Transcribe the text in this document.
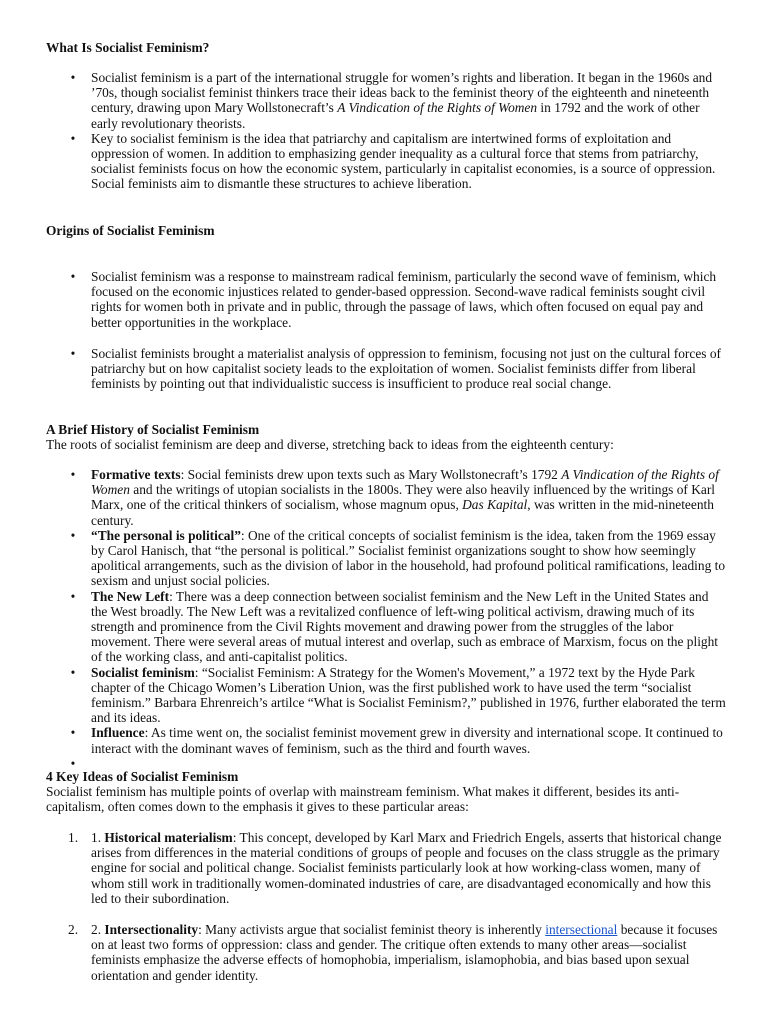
What Is Socialist Feminism?
• Socialist feminism is a part of the international struggle for women’s rights and liberation. It began in the 1960s and ’70s, though socialist feminist thinkers trace their ideas back to the feminist theory of the eighteenth and nineteenth century, drawing upon Mary Wollstonecraft’s A Vindication of the Rights of Women in 1792 and the work of other early revolutionary theorists.
• Key to socialist feminism is the idea that patriarchy and capitalism are intertwined forms of exploitation and oppression of women. In addition to emphasizing gender inequality as a cultural force that stems from patriarchy, socialist feminists focus on how the economic system, particularly in capitalist economies, is a source of oppression. Social feminists aim to dismantle these structures to achieve liberation.
Origins of Socialist Feminism
• Socialist feminism was a response to mainstream radical feminism, particularly the second wave of feminism, which focused on the economic injustices related to gender-based oppression. Second-wave radical feminists sought civil rights for women both in private and in public, through the passage of laws, which often focused on equal pay and better opportunities in the workplace.
• Socialist feminists brought a materialist analysis of oppression to feminism, focusing not just on the cultural forces of patriarchy but on how capitalist society leads to the exploitation of women. Socialist feminists differ from liberal feminists by pointing out that individualistic success is insufficient to produce real social change.
A Brief History of Socialist Feminism

The roots of socialist feminism are deep and diverse, stretching back to ideas from the eighteenth century:

• Formative texts: Social feminists drew upon texts such as Mary Wollstonecraft’s 1792 A Vindication of the Rights of Women and the writings of utopian socialists in the 1800s. They were also heavily influenced by the writings of Karl Marx, one of the critical thinkers of socialism, whose magnum opus, Das Kapital, was written in the mid-nineteenth century.
• “The personal is political”: One of the critical concepts of socialist feminism is the idea, taken from the 1969 essay by Carol Hanisch, that “the personal is political.” Socialist feminist organizations sought to show how seemingly apolitical arrangements, such as the division of labor in the household, had profound political ramifications, leading to sexism and unjust social policies.
• The New Left: There was a deep connection between socialist feminism and the New Left in the United States and the West broadly. The New Left was a revitalized confluence of left-wing political activism, drawing much of its strength and prominence from the Civil Rights movement and drawing power from the struggles of the labor movement. There were several areas of mutual interest and overlap, such as embrace of Marxism, focus on the plight of the working class, and anti-capitalist politics.
• Socialist feminism: “Socialist Feminism: A Strategy for the Women's Movement,” a 1972 text by the Hyde Park chapter of the Chicago Women’s Liberation Union, was the first published work to have used the term “socialist feminism.” Barbara Ehrenreich’s artilce “What is Socialist Feminism?,” published in 1976, further elaborated the term and its ideas.
• Influence: As time went on, the socialist feminist movement grew in diversity and international scope. It continued to interact with the dominant waves of feminism, such as the third and fourth waves.
•
4 Key Ideas of Socialist Feminism

Socialist feminism has multiple points of overlap with mainstream feminism. What makes it different, besides its anti-capitalism, often comes down to the emphasis it gives to these particular areas:

1. 1. Historical materialism: This concept, developed by Karl Marx and Friedrich Engels, asserts that historical change arises from differences in the material conditions of groups of people and focuses on the class struggle as the primary engine for social and political change. Socialist feminists particularly look at how working-class women, many of whom still work in traditionally women-dominated industries of care, are disadvantaged economically and how this led to their subordination.
2. 2. Intersectionality: Many activists argue that socialist feminist theory is inherently intersectional because it focuses on at least two forms of oppression: class and gender. The critique often extends to many other areas—socialist feminists emphasize the adverse effects of homophobia, imperialism, islamophobia, and bias based upon sexual orientation and gender identity.
